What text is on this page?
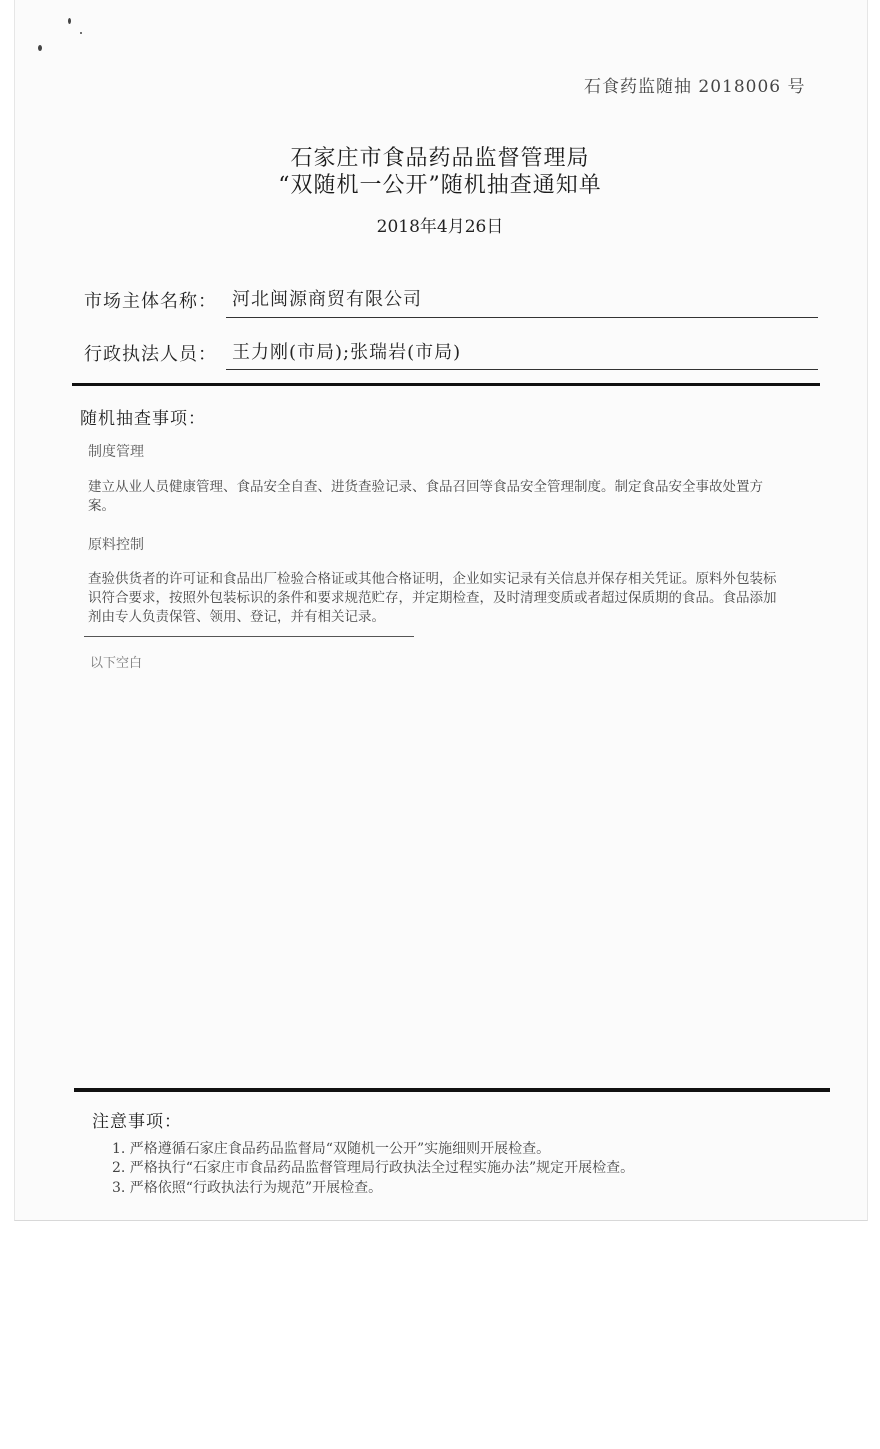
石食药监随抽 2018006 号
石家庄市食品药品监督管理局
“双随机一公开”随机抽查通知单
2018年4月26日
市场主体名称： 河北闽源商贸有限公司
行政执法人员： 王力刚(市局);张瑞岩(市局)
随机抽查事项：
制度管理
建立从业人员健康管理、食品安全自查、进货查验记录、食品召回等食品安全管理制度。制定食品安全事故处置方案。
原料控制
查验供货者的许可证和食品出厂检验合格证或其他合格证明，企业如实记录有关信息并保存相关凭证。原料外包装标识符合要求，按照外包装标识的条件和要求规范贮存，并定期检查，及时清理变质或者超过保质期的食品。食品添加剂由专人负责保管、领用、登记，并有相关记录。
以下空白
注意事项：
1. 严格遵循石家庄食品药品监督局“双随机一公开”实施细则开展检查。
2. 严格执行“石家庄市食品药品监督管理局行政执法全过程实施办法”规定开展检查。
3. 严格依照“行政执法行为规范”开展检查。
